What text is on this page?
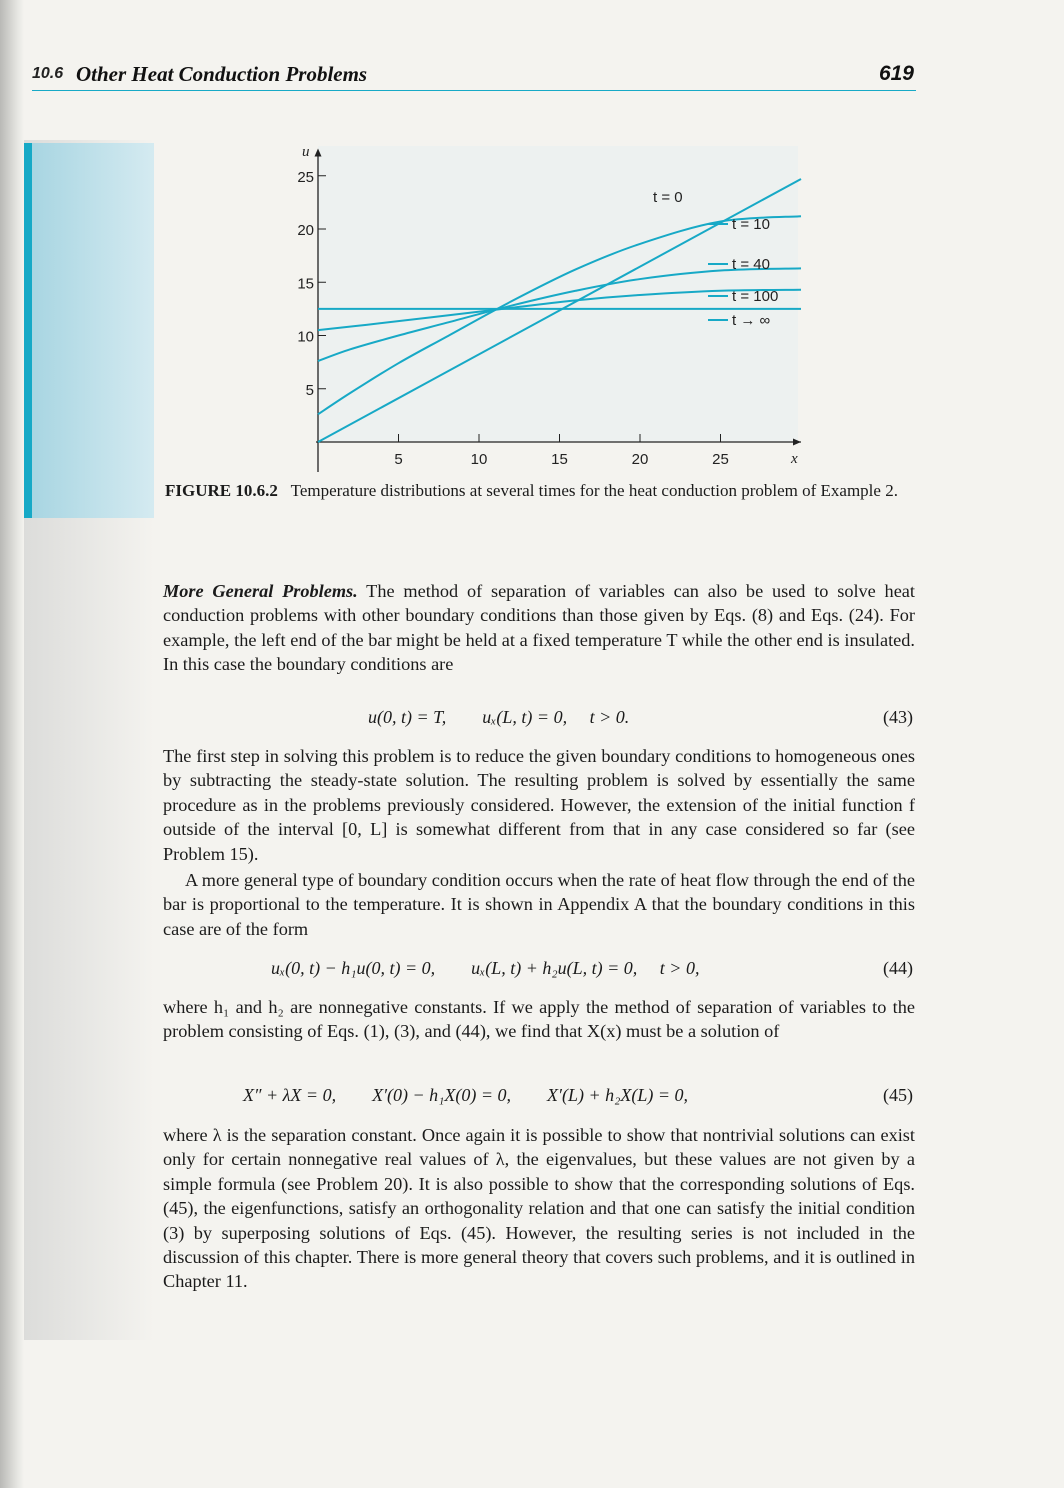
10.6 Other Heat Conduction Problems	619
u
x
5	10	15	20	25
5
10
15
20
25
t = 0
t = 10
t = 40
t = 100
t → ∞
FIGURE 10.6.2 Temperature distributions at several times for the heat conduction problem of Example 2.
More General Problems. The method of separation of variables can also be used to solve heat conduction problems with other boundary conditions than those given by Eqs. (8) and Eqs. (24). For example, the left end of the bar might be held at a fixed temperature T while the other end is insulated. In this case the boundary conditions are
u(0, t) = T,        uₓ(L, t) = 0,     t > 0.	(43)
The first step in solving this problem is to reduce the given boundary conditions to homogeneous ones by subtracting the steady-state solution. The resulting problem is solved by essentially the same procedure as in the problems previously considered. However, the extension of the initial function f outside of the interval [0, L] is somewhat different from that in any case considered so far (see Problem 15).
A more general type of boundary condition occurs when the rate of heat flow through the end of the bar is proportional to the temperature. It is shown in Appendix A that the boundary conditions in this case are of the form
uₓ(0, t) − h₁u(0, t) = 0,        uₓ(L, t) + h₂u(L, t) = 0,     t > 0,	(44)
where h₁ and h₂ are nonnegative constants. If we apply the method of separation of variables to the problem consisting of Eqs. (1), (3), and (44), we find that X(x) must be a solution of
X″ + λX = 0,        X′(0) − h₁X(0) = 0,        X′(L) + h₂X(L) = 0,	(45)
where λ is the separation constant. Once again it is possible to show that nontrivial solutions can exist only for certain nonnegative real values of λ, the eigenvalues, but these values are not given by a simple formula (see Problem 20). It is also possible to show that the corresponding solutions of Eqs. (45), the eigenfunctions, satisfy an orthogonality relation and that one can satisfy the initial condition (3) by superposing solutions of Eqs. (45). However, the resulting series is not included in the discussion of this chapter. There is more general theory that covers such problems, and it is outlined in Chapter 11.
